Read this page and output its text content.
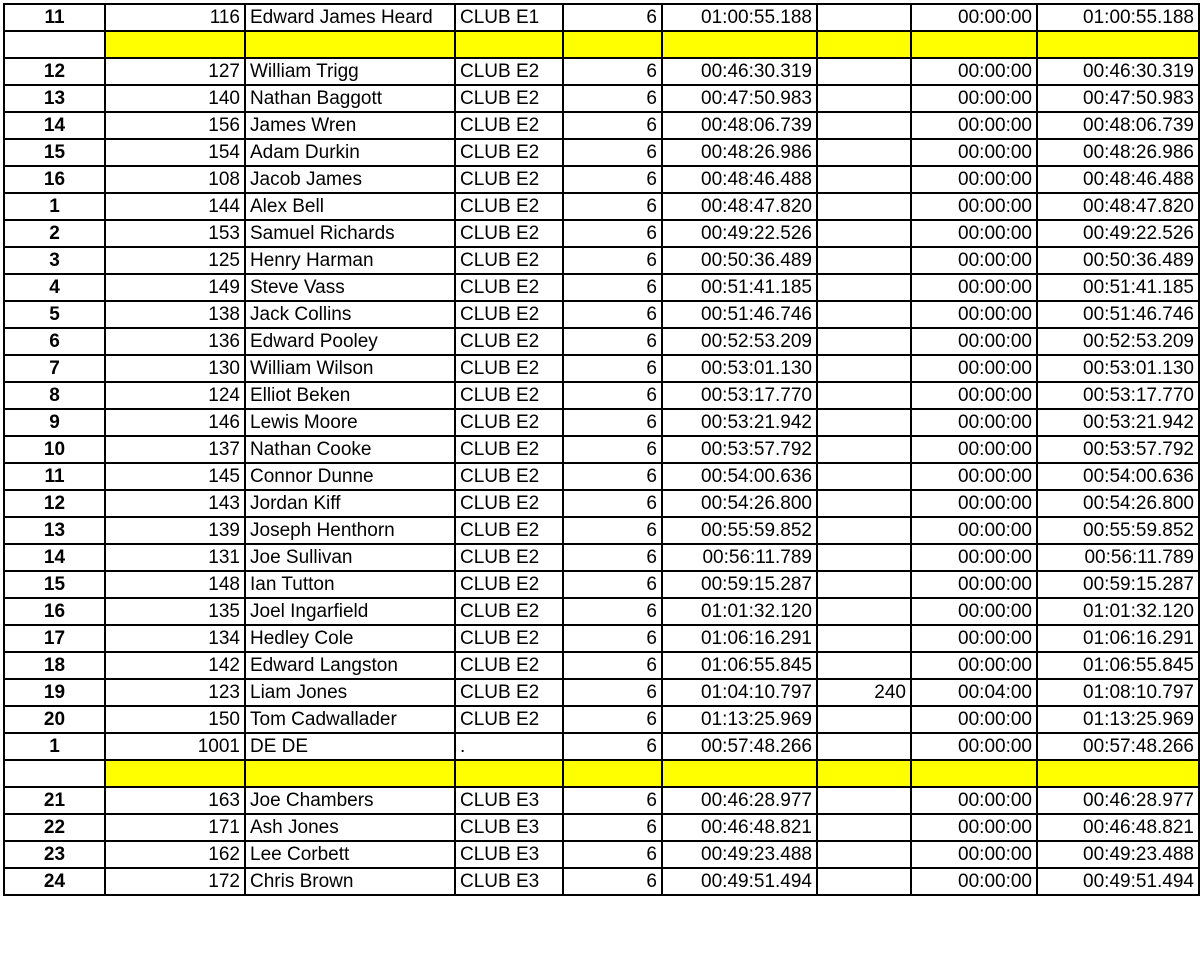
11	116	Edward James Heard	CLUB E1	6	01:00:55.188		00:00:00	01:00:55.188

12	127	William Trigg	CLUB E2	6	00:46:30.319		00:00:00	00:46:30.319
13	140	Nathan Baggott	CLUB E2	6	00:47:50.983		00:00:00	00:47:50.983
14	156	James Wren	CLUB E2	6	00:48:06.739		00:00:00	00:48:06.739
15	154	Adam Durkin	CLUB E2	6	00:48:26.986		00:00:00	00:48:26.986
16	108	Jacob James	CLUB E2	6	00:48:46.488		00:00:00	00:48:46.488
1	144	Alex Bell	CLUB E2	6	00:48:47.820		00:00:00	00:48:47.820
2	153	Samuel Richards	CLUB E2	6	00:49:22.526		00:00:00	00:49:22.526
3	125	Henry Harman	CLUB E2	6	00:50:36.489		00:00:00	00:50:36.489
4	149	Steve Vass	CLUB E2	6	00:51:41.185		00:00:00	00:51:41.185
5	138	Jack Collins	CLUB E2	6	00:51:46.746		00:00:00	00:51:46.746
6	136	Edward Pooley	CLUB E2	6	00:52:53.209		00:00:00	00:52:53.209
7	130	William Wilson	CLUB E2	6	00:53:01.130		00:00:00	00:53:01.130
8	124	Elliot Beken	CLUB E2	6	00:53:17.770		00:00:00	00:53:17.770
9	146	Lewis Moore	CLUB E2	6	00:53:21.942		00:00:00	00:53:21.942
10	137	Nathan Cooke	CLUB E2	6	00:53:57.792		00:00:00	00:53:57.792
11	145	Connor Dunne	CLUB E2	6	00:54:00.636		00:00:00	00:54:00.636
12	143	Jordan Kiff	CLUB E2	6	00:54:26.800		00:00:00	00:54:26.800
13	139	Joseph Henthorn	CLUB E2	6	00:55:59.852		00:00:00	00:55:59.852
14	131	Joe Sullivan	CLUB E2	6	00:56:11.789		00:00:00	00:56:11.789
15	148	Ian Tutton	CLUB E2	6	00:59:15.287		00:00:00	00:59:15.287
16	135	Joel Ingarfield	CLUB E2	6	01:01:32.120		00:00:00	01:01:32.120
17	134	Hedley Cole	CLUB E2	6	01:06:16.291		00:00:00	01:06:16.291
18	142	Edward Langston	CLUB E2	6	01:06:55.845		00:00:00	01:06:55.845
19	123	Liam Jones	CLUB E2	6	01:04:10.797	240	00:04:00	01:08:10.797
20	150	Tom Cadwallader	CLUB E2	6	01:13:25.969		00:00:00	01:13:25.969
1	1001	DE DE	.	6	00:57:48.266		00:00:00	00:57:48.266

21	163	Joe Chambers	CLUB E3	6	00:46:28.977		00:00:00	00:46:28.977
22	171	Ash Jones	CLUB E3	6	00:46:48.821		00:00:00	00:46:48.821
23	162	Lee Corbett	CLUB E3	6	00:49:23.488		00:00:00	00:49:23.488
24	172	Chris Brown	CLUB E3	6	00:49:51.494		00:00:00	00:49:51.494
